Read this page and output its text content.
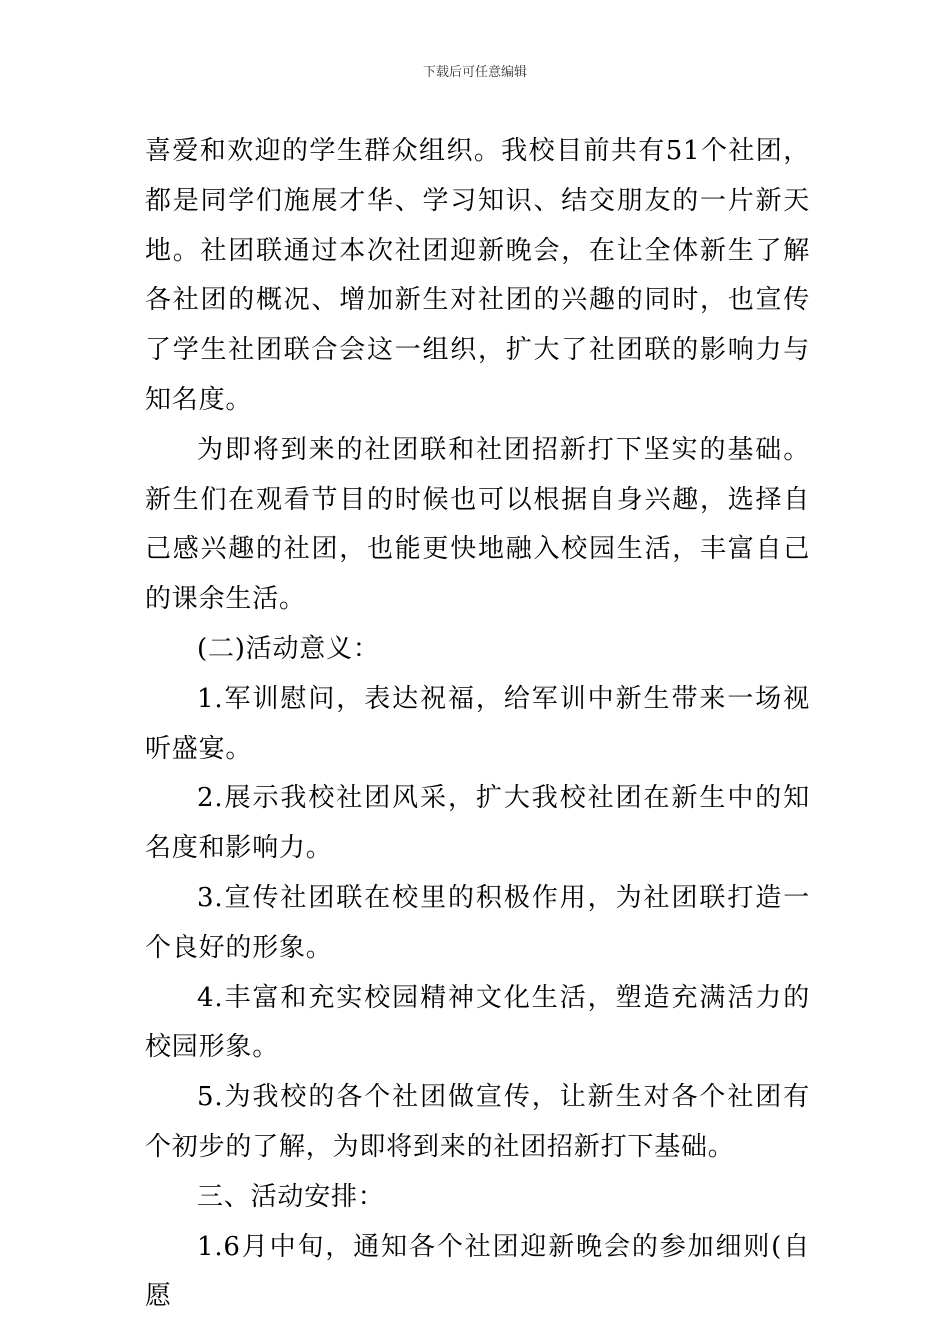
下载后可任意编辑

喜爱和欢迎的学生群众组织。我校目前共有51个社团，都是同学们施展才华、学习知识、结交朋友的一片新天地。社团联通过本次社团迎新晚会，在让全体新生了解各社团的概况、增加新生对社团的兴趣的同时，也宣传了学生社团联合会这一组织，扩大了社团联的影响力与知名度。

为即将到来的社团联和社团招新打下坚实的基础。新生们在观看节目的时候也可以根据自身兴趣，选择自己感兴趣的社团，也能更快地融入校园生活，丰富自己的课余生活。

(二)活动意义：

1.军训慰问，表达祝福，给军训中新生带来一场视听盛宴。

2.展示我校社团风采，扩大我校社团在新生中的知名度和影响力。

3.宣传社团联在校里的积极作用，为社团联打造一个良好的形象。

4.丰富和充实校园精神文化生活，塑造充满活力的校园形象。

5.为我校的各个社团做宣传，让新生对各个社团有个初步的了解，为即将到来的社团招新打下基础。

三、活动安排：

1.6月中旬，通知各个社团迎新晚会的参加细则(自愿
